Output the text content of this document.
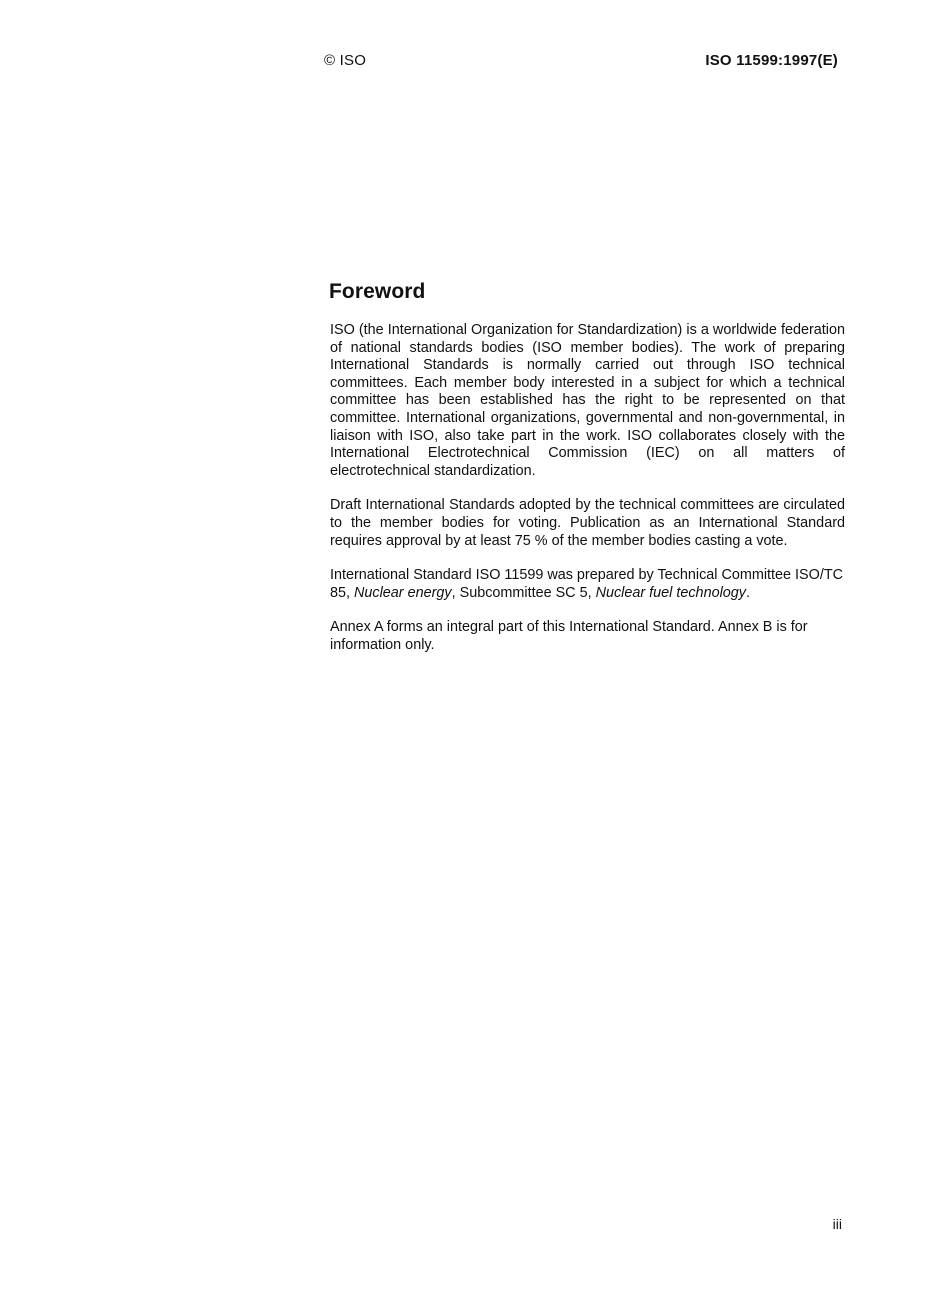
© ISO	ISO 11599:1997(E)
Foreword

ISO (the International Organization for Standardization) is a worldwide federation of national standards bodies (ISO member bodies). The work of preparing International Standards is normally carried out through ISO technical committees. Each member body interested in a subject for which a technical committee has been established has the right to be represented on that committee. International organizations, governmental and non-governmental, in liaison with ISO, also take part in the work. ISO collaborates closely with the International Electrotechnical Commission (IEC) on all matters of electrotechnical standardization.

Draft International Standards adopted by the technical committees are circulated to the member bodies for voting. Publication as an International Standard requires approval by at least 75 % of the member bodies casting a vote.

International Standard ISO 11599 was prepared by Technical Committee ISO/TC 85, Nuclear energy, Subcommittee SC 5, Nuclear fuel technology.

Annex A forms an integral part of this International Standard. Annex B is for information only.

iii
